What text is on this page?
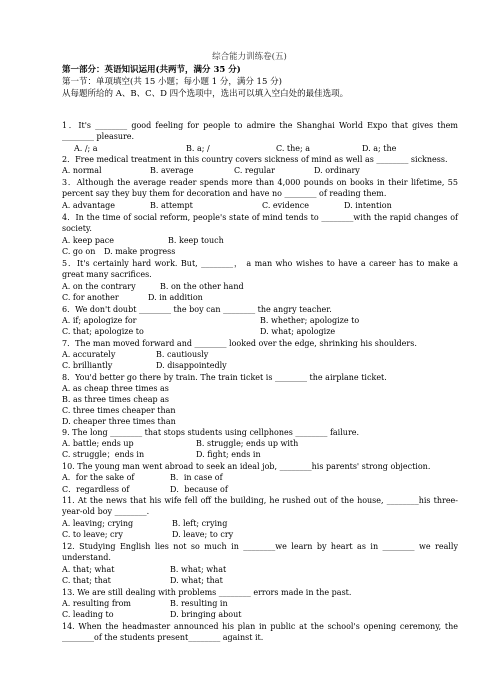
综合能力训练卷(五)
第一部分：英语知识运用(共两节，满分 35 分)
第一节：单项填空(共 15 小题；每小题 1 分，满分 15 分)
从每题所给的 A、B、C、D 四个选项中，选出可以填入空白处的最佳选项。
1．It's ________ good feeling for people to admire the Shanghai World Expo that gives them ________ pleasure.
A. /; a	B. a; /	C. the; a	D. a; the
2．Free medical treatment in this country covers sickness of mind as well as ________ sickness.
A. normal	B. average	C. regular	D. ordinary
3．Although the average reader spends more than 4,000 pounds on books in their lifetime, 55 percent say they buy them for decoration and have no ________ of reading them.
A. advantage	B. attempt	C. evidence	D. intention
4．In the time of social reform, people's state of mind tends to ________with the rapid changes of society.
A. keep pace	B. keep touch
C. go on D. make progress
5．It's certainly hard work. But, ________， a man who wishes to have a career has to make a great many sacrifices.
A. on the contrary	B. on the other hand
C. for another	D. in addition
6．We don't doubt ________ the boy can ________ the angry teacher.
A. if; apologize for	B. whether; apologize to
C. that; apologize to	D. what; apologize
7．The man moved forward and ________ looked over the edge, shrinking his shoulders.
A. accurately	B. cautiously
C. brilliantly	D. disappointedly
8．You'd better go there by train. The train ticket is ________ the airplane ticket.
A. as cheap three times as
B. as three times cheap as
C. three times cheaper than
D. cheaper three times than
9. The long ________ that stops students using cellphones ________ failure.
A. battle; ends up	B. struggle; ends up with
C. struggle；ends in	D. fight; ends in
10. The young man went abroad to seek an ideal job, ________his parents' strong objection.
A．for the sake of	B．in case of
C．regardless of	D．because of
11. At the news that his wife fell off the building, he rushed out of the house, ________his three-year-old boy ________.
A. leaving; crying	B. left; crying
C. to leave; cry	D. leave; to cry
12. Studying English lies not so much in ________we learn by heart as in ________ we really understand.
A. that; what	B. what; what
C. that; that	D. what; that
13. We are still dealing with problems ________ errors made in the past.
A. resulting from	B. resulting in
C. leading to	D. bringing about
14. When the headmaster announced his plan in public at the school's opening ceremony, the ________of the students present________ against it.
